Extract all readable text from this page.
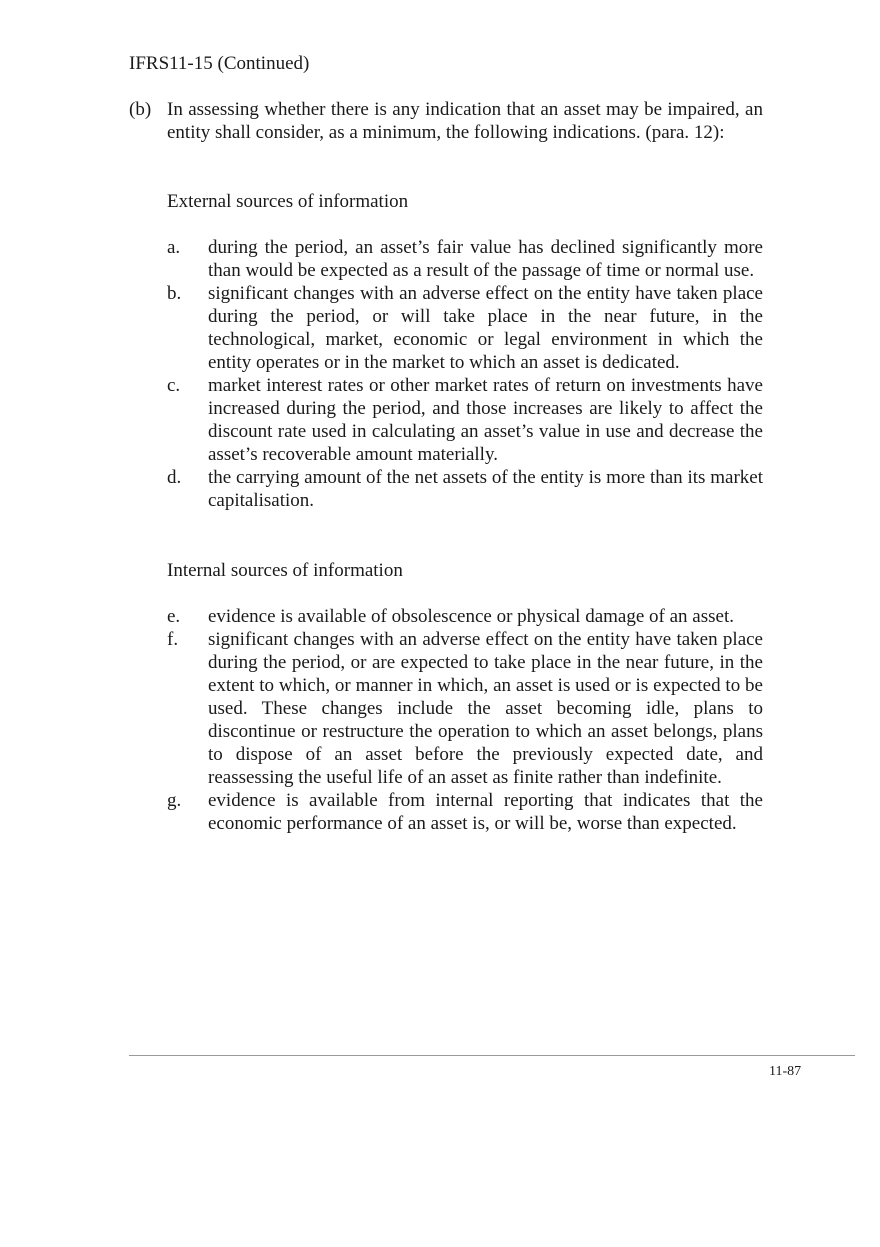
IFRS11-15 (Continued)
(b) In assessing whether there is any indication that an asset may be impaired, an entity shall consider, as a minimum, the following indications. (para. 12):
External sources of information
a. during the period, an asset’s fair value has declined significantly more than would be expected as a result of the passage of time or normal use.
b. significant changes with an adverse effect on the entity have taken place during the period, or will take place in the near future, in the technological, market, economic or legal environment in which the entity operates or in the market to which an asset is dedicated.
c. market interest rates or other market rates of return on investments have increased during the period, and those increases are likely to affect the discount rate used in calculating an asset’s value in use and decrease the asset’s recoverable amount materially.
d. the carrying amount of the net assets of the entity is more than its market capitalisation.
Internal sources of information
e. evidence is available of obsolescence or physical damage of an asset.
f. significant changes with an adverse effect on the entity have taken place during the period, or are expected to take place in the near future, in the extent to which, or manner in which, an asset is used or is expected to be used. These changes include the asset becoming idle, plans to discontinue or restructure the operation to which an asset belongs, plans to dispose of an asset before the previously expected date, and reassessing the useful life of an asset as finite rather than indefinite.
g. evidence is available from internal reporting that indicates that the economic performance of an asset is, or will be, worse than expected.
11-87
